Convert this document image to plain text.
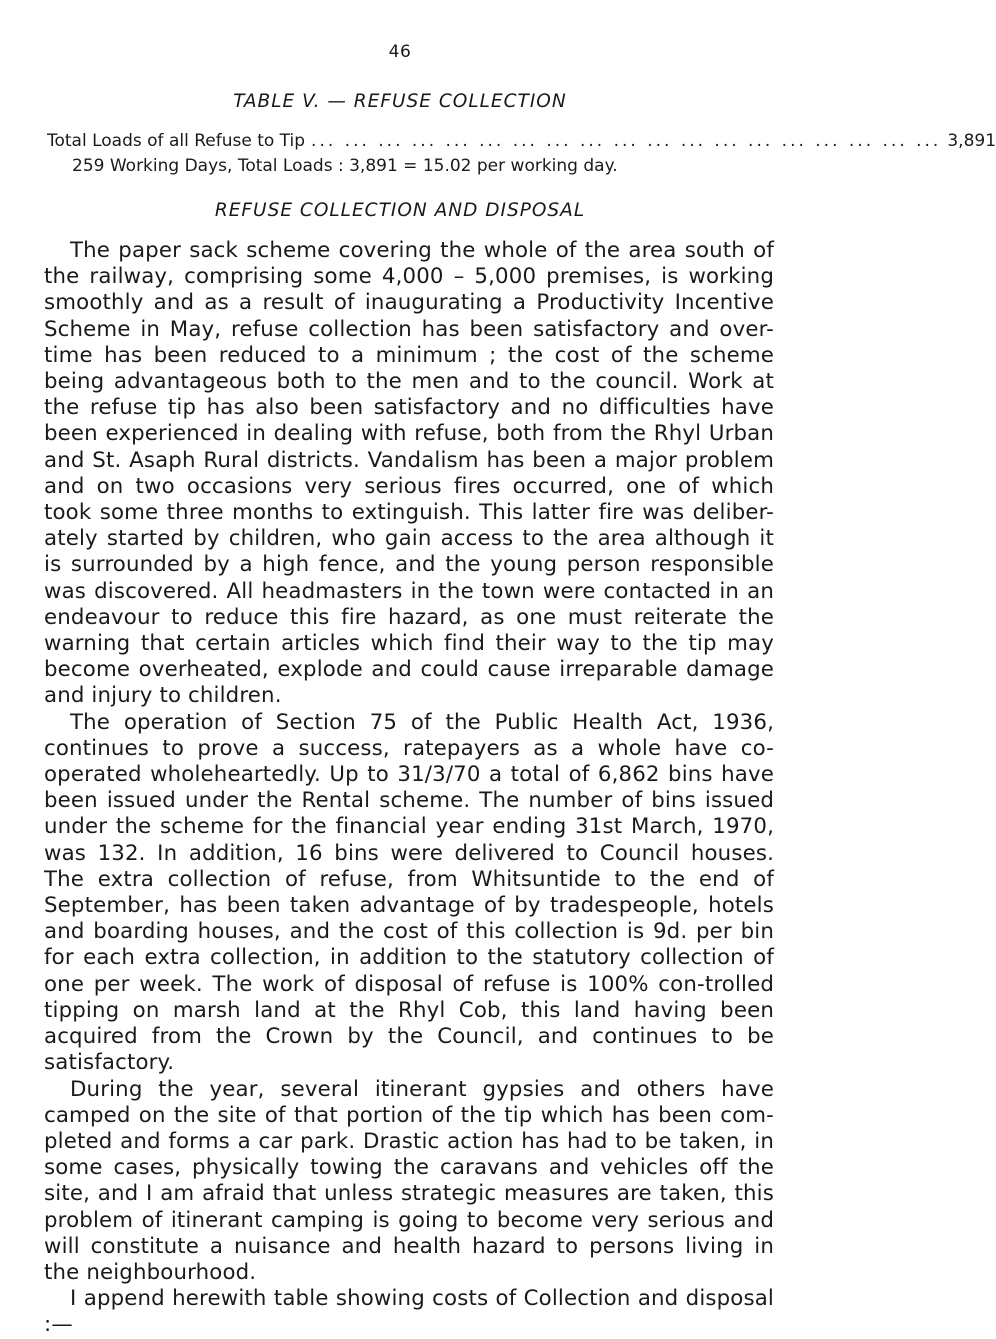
46
TABLE V. — REFUSE COLLECTION
Total Loads of all Refuse to Tip ... ... ... ... ... ... ... ... ... ... ... ... ... ... ... ... ... ... ... 3,891
259 Working Days, Total Loads : 3,891 = 15.02 per working day.
REFUSE COLLECTION AND DISPOSAL

The paper sack scheme covering the whole of the area south of the railway, comprising some 4,000 – 5,000 premises, is working smoothly and as a result of inaugurating a Productivity Incentive Scheme in May, refuse collection has been satisfactory and over-time has been reduced to a minimum ; the cost of the scheme being advantageous both to the men and to the council. Work at the refuse tip has also been satisfactory and no difficulties have been experienced in dealing with refuse, both from the Rhyl Urban and St. Asaph Rural districts. Vandalism has been a major problem and on two occasions very serious fires occurred, one of which took some three months to extinguish. This latter fire was deliber-ately started by children, who gain access to the area although it is surrounded by a high fence, and the young person responsible was discovered. All headmasters in the town were contacted in an endeavour to reduce this fire hazard, as one must reiterate the warning that certain articles which find their way to the tip may become overheated, explode and could cause irreparable damage and injury to children.

The operation of Section 75 of the Public Health Act, 1936, continues to prove a success, ratepayers as a whole have co-operated wholeheartedly. Up to 31/3/70 a total of 6,862 bins have been issued under the Rental scheme. The number of bins issued under the scheme for the financial year ending 31st March, 1970, was 132. In addition, 16 bins were delivered to Council houses. The extra collection of refuse, from Whitsuntide to the end of September, has been taken advantage of by tradespeople, hotels and boarding houses, and the cost of this collection is 9d. per bin for each extra collection, in addition to the statutory collection of one per week. The work of disposal of refuse is 100% con-trolled tipping on marsh land at the Rhyl Cob, this land having been acquired from the Crown by the Council, and continues to be satisfactory.

During the year, several itinerant gypsies and others have camped on the site of that portion of the tip which has been com-pleted and forms a car park. Drastic action has had to be taken, in some cases, physically towing the caravans and vehicles off the site, and I am afraid that unless strategic measures are taken, this problem of itinerant camping is going to become very serious and will constitute a nuisance and health hazard to persons living in the neighbourhood.

I append herewith table showing costs of Collection and disposal :—
